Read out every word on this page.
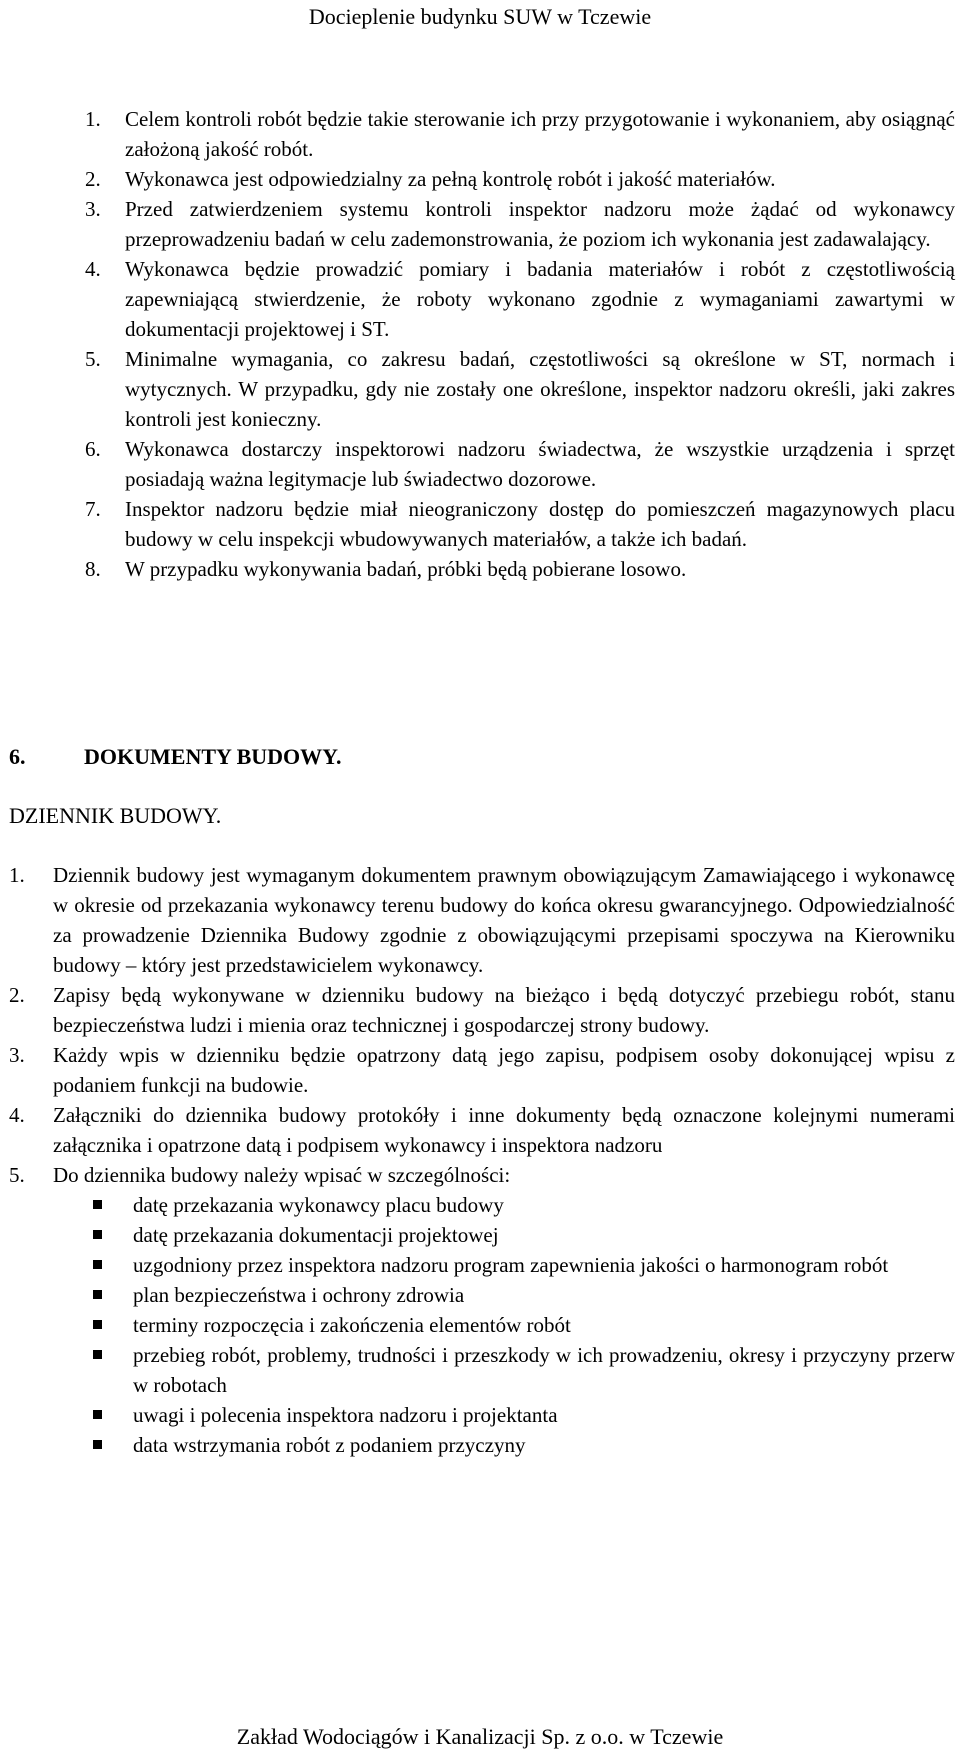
Docieplenie budynku SUW w Tczewie
1. Celem kontroli robót będzie takie sterowanie ich przy przygotowanie i wykonaniem, aby osiągnąć założoną jakość robót.
2. Wykonawca jest odpowiedzialny za pełną kontrolę robót i jakość materiałów.
3. Przed zatwierdzeniem systemu kontroli inspektor nadzoru może żądać od wykonawcy przeprowadzeniu badań w celu zademonstrowania, że poziom ich wykonania jest zadawalający.
4. Wykonawca będzie prowadzić pomiary i badania materiałów i robót z częstotliwością zapewniającą stwierdzenie, że roboty wykonano zgodnie z wymaganiami zawartymi w dokumentacji projektowej i ST.
5. Minimalne wymagania, co zakresu badań, częstotliwości są określone w ST, normach i wytycznych. W przypadku, gdy nie zostały one określone, inspektor nadzoru określi, jaki zakres kontroli jest konieczny.
6. Wykonawca dostarczy inspektorowi nadzoru świadectwa, że wszystkie urządzenia i sprzęt posiadają ważna legitymacje lub świadectwo dozorowe.
7. Inspektor nadzoru będzie miał nieograniczony dostęp do pomieszczeń magazynowych placu budowy w celu inspekcji wbudowywanych materiałów, a także ich badań.
8. W przypadku wykonywania badań, próbki będą pobierane losowo.
6.	DOKUMENTY BUDOWY.
DZIENNIK BUDOWY.
1. Dziennik budowy jest wymaganym dokumentem prawnym obowiązującym Zamawiającego i wykonawcę w okresie od przekazania wykonawcy terenu budowy do końca okresu gwarancyjnego. Odpowiedzialność za prowadzenie Dziennika Budowy zgodnie z obowiązującymi przepisami spoczywa na Kierowniku budowy – który jest przedstawicielem wykonawcy.
2. Zapisy będą wykonywane w dzienniku budowy na bieżąco i będą dotyczyć przebiegu robót, stanu bezpieczeństwa ludzi i mienia oraz technicznej i gospodarczej strony budowy.
3. Każdy wpis w dzienniku będzie opatrzony datą jego zapisu, podpisem osoby dokonującej wpisu z podaniem funkcji na budowie.
4. Załączniki do dziennika budowy protokóły i inne dokumenty będą oznaczone kolejnymi numerami załącznika i opatrzone datą i podpisem wykonawcy i inspektora nadzoru
5. Do dziennika budowy należy wpisać w szczególności:
datę przekazania wykonawcy placu budowy
datę przekazania dokumentacji projektowej
uzgodniony przez inspektora nadzoru program zapewnienia jakości o harmonogram robót
plan bezpieczeństwa i ochrony zdrowia
terminy rozpoczęcia i zakończenia elementów robót
przebieg robót, problemy, trudności i przeszkody w ich prowadzeniu, okresy i przyczyny przerw w robotach
uwagi i polecenia inspektora nadzoru i projektanta
data wstrzymania robót z podaniem przyczyny
Zakład Wodociągów i Kanalizacji Sp. z o.o. w Tczewie
